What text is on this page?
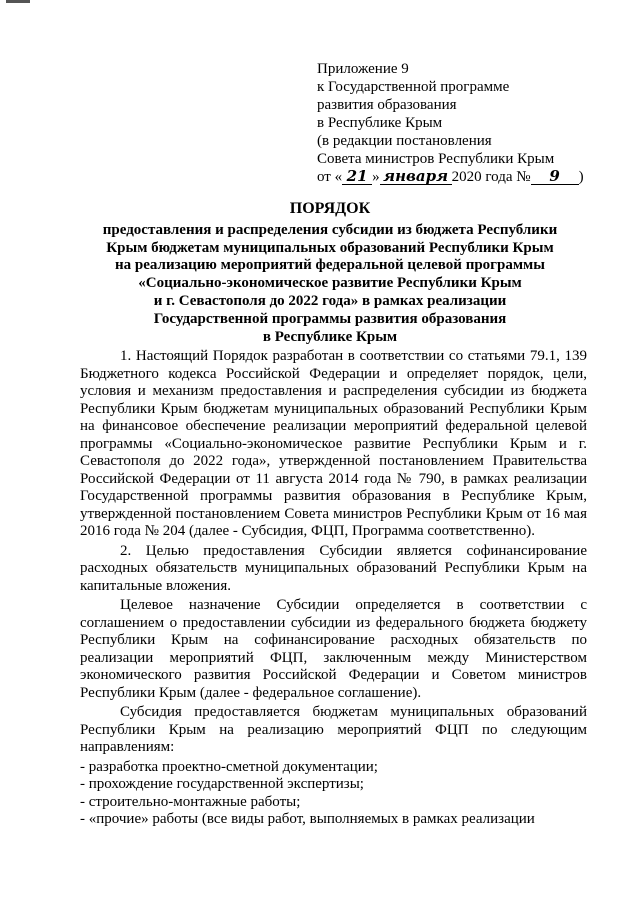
Приложение 9
к Государственной программе
развития образования
в Республике Крым
(в редакции постановления
Совета министров Республики Крым
от « 21 » января 2020 года № 9 )
ПОРЯДОК
предоставления и распределения субсидии из бюджета Республики
Крым бюджетам муниципальных образований Республики Крым
на реализацию мероприятий федеральной целевой программы
«Социально-экономическое развитие Республики Крым
и г. Севастополя до 2022 года» в рамках реализации
Государственной программы развития образования
в Республике Крым

1. Настоящий Порядок разработан в соответствии со статьями 79.1, 139 Бюджетного кодекса Российской Федерации и определяет порядок, цели, условия и механизм предоставления и распределения субсидии из бюджета Республики Крым бюджетам муниципальных образований Республики Крым на финансовое обеспечение реализации мероприятий федеральной целевой программы «Социально-экономическое развитие Республики Крым и г. Севастополя до 2022 года», утвержденной постановлением Правительства Российской Федерации от 11 августа 2014 года № 790, в рамках реализации Государственной программы развития образования в Республике Крым, утвержденной постановлением Совета министров Республики Крым от 16 мая 2016 года № 204 (далее - Субсидия, ФЦП, Программа соответственно).

2. Целью предоставления Субсидии является софинансирование расходных обязательств муниципальных образований Республики Крым на капитальные вложения.

Целевое назначение Субсидии определяется в соответствии с соглашением о предоставлении субсидии из федерального бюджета бюджету Республики Крым на софинансирование расходных обязательств по реализации мероприятий ФЦП, заключенным между Министерством экономического развития Российской Федерации и Советом министров Республики Крым (далее - федеральное соглашение).

Субсидия предоставляется бюджетам муниципальных образований Республики Крым на реализацию мероприятий ФЦП по следующим направлениям:

- разработка проектно-сметной документации;

- прохождение государственной экспертизы;

- строительно-монтажные работы;

- «прочие» работы (все виды работ, выполняемых в рамках реализации
